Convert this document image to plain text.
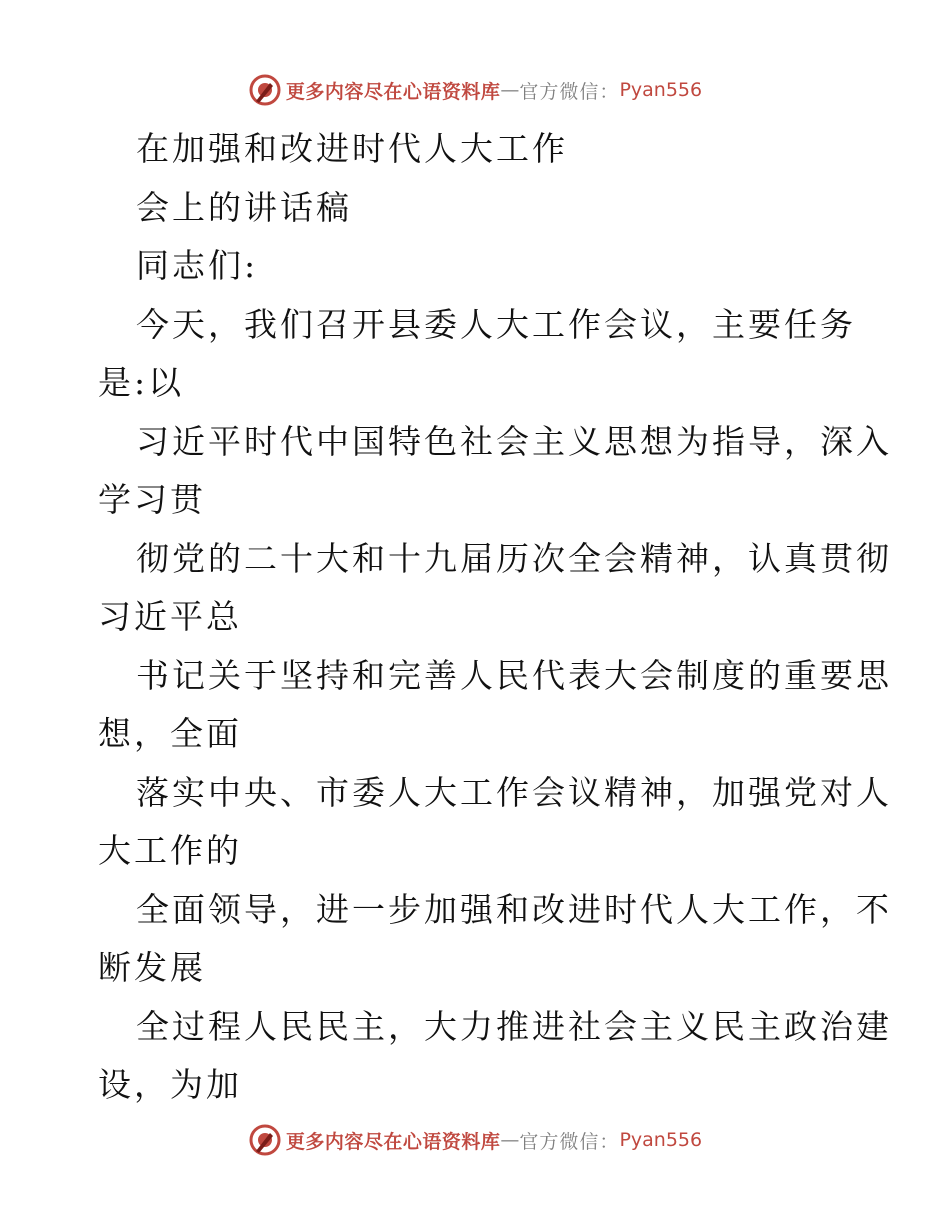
更多内容尽在心语资料库 — 官方微信： Pyan556
在加强和改进时代人大工作
会上的讲话稿
同志们:
今天，我们召开县委人大工作会议，主要任务
是:以
习近平时代中国特色社会主义思想为指导，深入
学习贯
彻党的二十大和十九届历次全会精神，认真贯彻
习近平总
书记关于坚持和完善人民代表大会制度的重要思
想，全面
落实中央、市委人大工作会议精神，加强党对人
大工作的
全面领导，进一步加强和改进时代人大工作，不
断发展
全过程人民民主，大力推进社会主义民主政治建
设，为加
更多内容尽在心语资料库 — 官方微信： Pyan556
